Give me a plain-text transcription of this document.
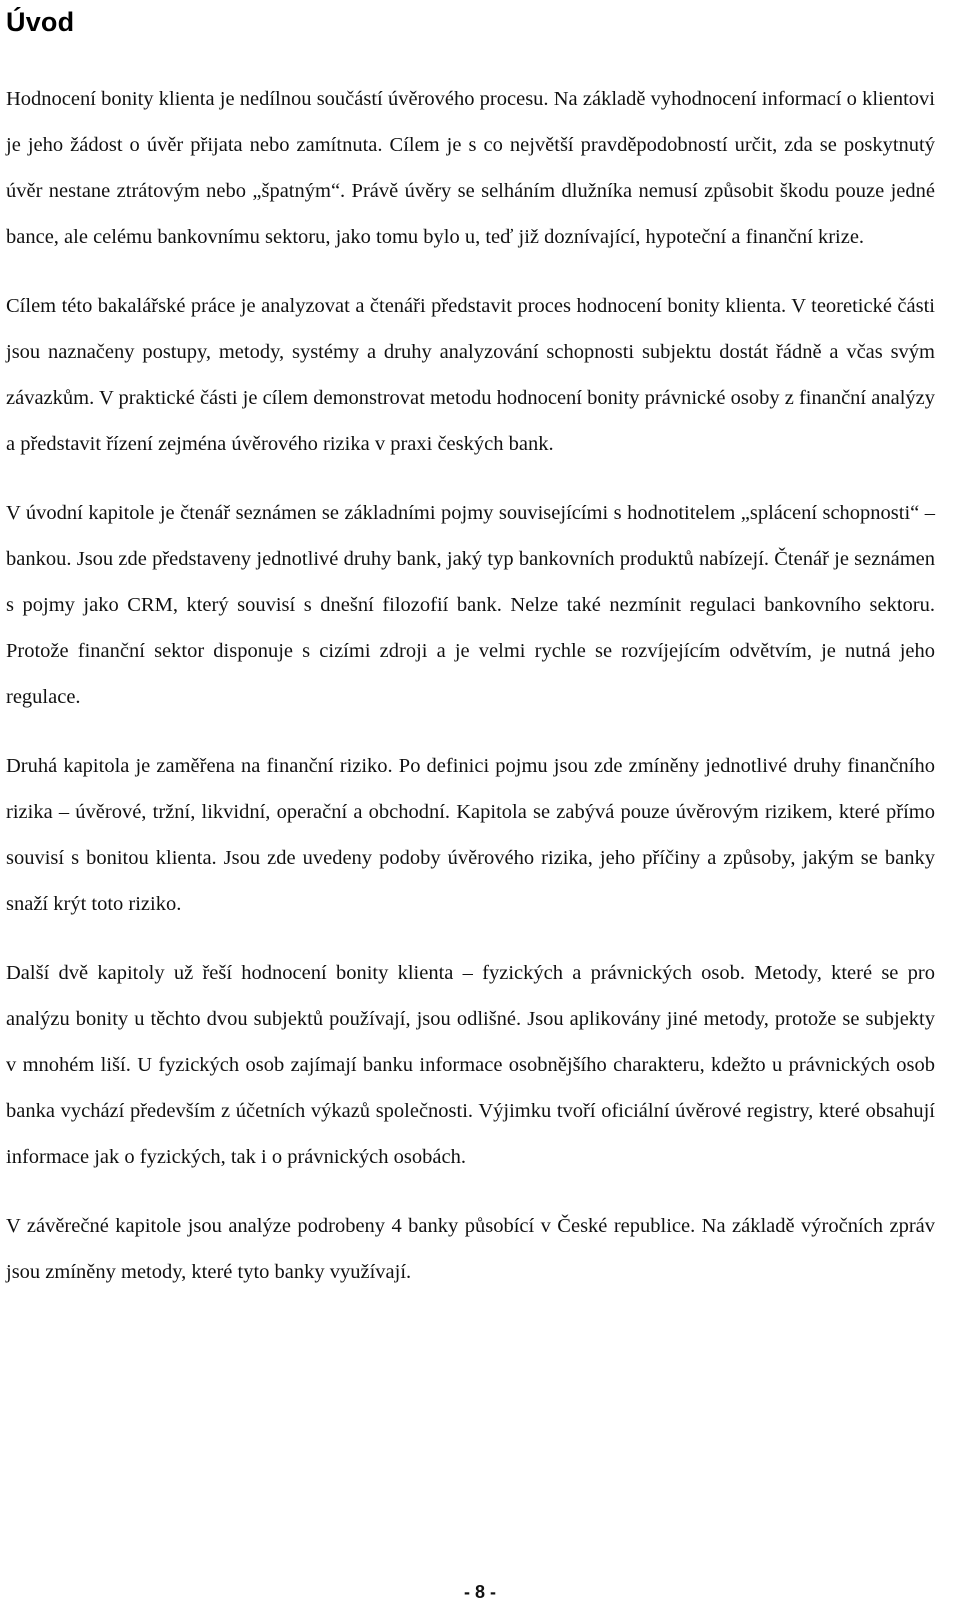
Úvod

Hodnocení bonity klienta je nedílnou součástí úvěrového procesu. Na základě vyhodnocení informací o klientovi je jeho žádost o úvěr přijata nebo zamítnuta. Cílem je s co největší pravděpodobností určit, zda se poskytnutý úvěr nestane ztrátovým nebo „špatným“. Právě úvěry se selháním dlužníka nemusí způsobit škodu pouze jedné bance, ale celému bankovnímu sektoru, jako tomu bylo u, teď již doznívající, hypoteční a finanční krize.

Cílem této bakalářské práce je analyzovat a čtenáři představit proces hodnocení bonity klienta. V teoretické části jsou naznačeny postupy, metody, systémy a druhy analyzování schopnosti subjektu dostát řádně a včas svým závazkům. V praktické části je cílem demonstrovat metodu hodnocení bonity právnické osoby z finanční analýzy a představit řízení zejména úvěrového rizika v praxi českých bank.

V úvodní kapitole je čtenář seznámen se základními pojmy souvisejícími s hodnotitelem „splácení schopnosti“ – bankou. Jsou zde představeny jednotlivé druhy bank, jaký typ bankovních produktů nabízejí. Čtenář je seznámen s pojmy jako CRM, který souvisí s dnešní filozofií bank. Nelze také nezmínit regulaci bankovního sektoru. Protože finanční sektor disponuje s cizími zdroji a je velmi rychle se rozvíjejícím odvětvím, je nutná jeho regulace.

Druhá kapitola je zaměřena na finanční riziko. Po definici pojmu jsou zde zmíněny jednotlivé druhy finančního rizika – úvěrové, tržní, likvidní, operační a obchodní. Kapitola se zabývá pouze úvěrovým rizikem, které přímo souvisí s bonitou klienta. Jsou zde uvedeny podoby úvěrového rizika, jeho příčiny a způsoby, jakým se banky snaží krýt toto riziko.

Další dvě kapitoly už řeší hodnocení bonity klienta – fyzických a právnických osob. Metody, které se pro analýzu bonity u těchto dvou subjektů používají, jsou odlišné. Jsou aplikovány jiné metody, protože se subjekty v mnohém liší. U fyzických osob zajímají banku informace osobnějšího charakteru, kdežto u právnických osob banka vychází především z účetních výkazů společnosti. Výjimku tvoří oficiální úvěrové registry, které obsahují informace jak o fyzických, tak i o právnických osobách.

V závěrečné kapitole jsou analýze podrobeny 4 banky působící v České republice. Na základě výročních zpráv jsou zmíněny metody, které tyto banky využívají.

- 8 -
